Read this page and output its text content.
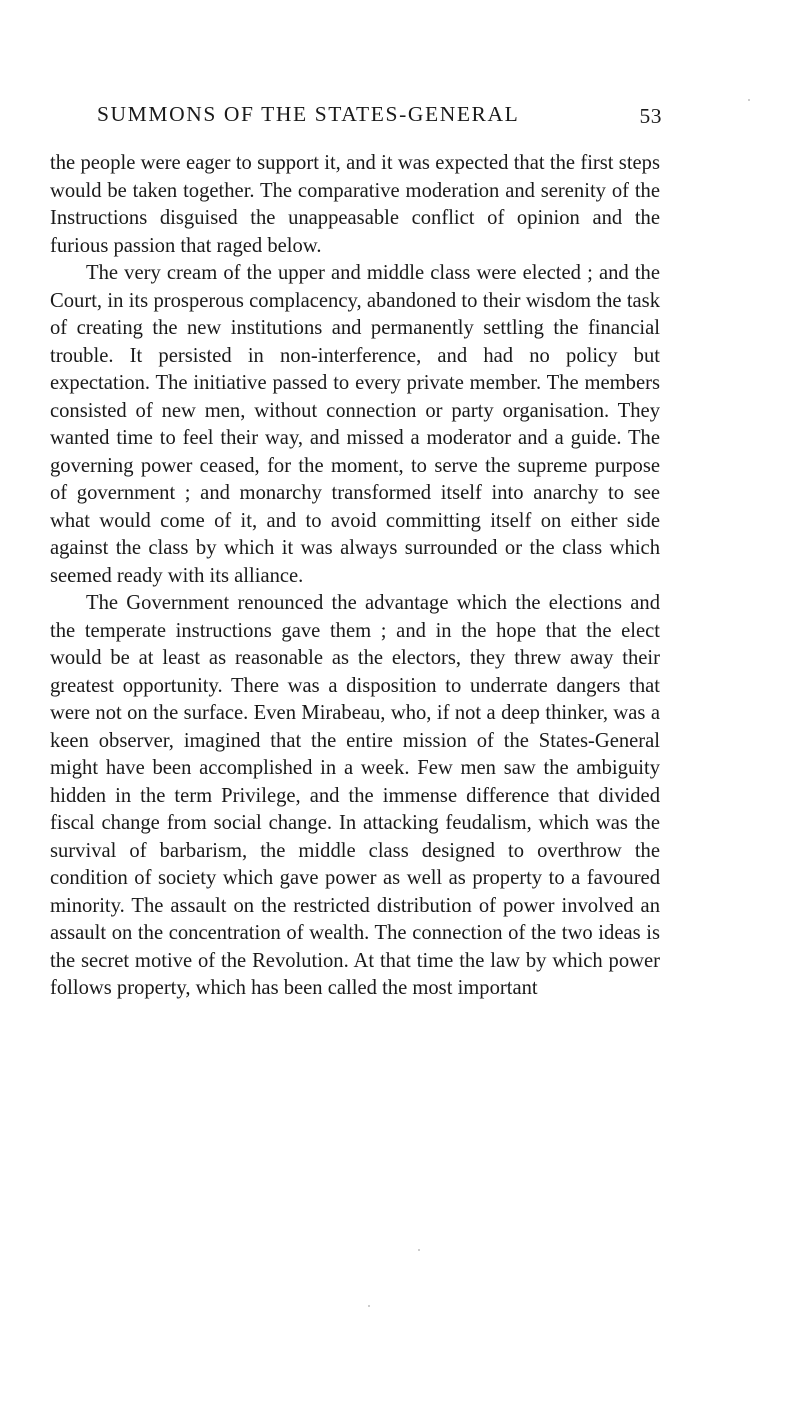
SUMMONS OF THE STATES-GENERAL	53

the people were eager to support it, and it was expected that the first steps would be taken together. The comparative moderation and serenity of the Instructions disguised the unappeasable conflict of opinion and the furious passion that raged below.

The very cream of the upper and middle class were elected ; and the Court, in its prosperous complacency, abandoned to their wisdom the task of creating the new institutions and permanently settling the financial trouble. It persisted in non-interference, and had no policy but expectation. The initiative passed to every private member. The members consisted of new men, without connection or party organisation. They wanted time to feel their way, and missed a moderator and a guide. The governing power ceased, for the moment, to serve the supreme purpose of government ; and monarchy transformed itself into anarchy to see what would come of it, and to avoid committing itself on either side against the class by which it was always surrounded or the class which seemed ready with its alliance.

The Government renounced the advantage which the elections and the temperate instructions gave them ; and in the hope that the elect would be at least as reasonable as the electors, they threw away their greatest opportunity. There was a disposition to underrate dangers that were not on the surface. Even Mirabeau, who, if not a deep thinker, was a keen observer, imagined that the entire mission of the States-General might have been accomplished in a week. Few men saw the ambiguity hidden in the term Privilege, and the immense difference that divided fiscal change from social change. In attacking feudalism, which was the survival of barbarism, the middle class designed to overthrow the condition of society which gave power as well as property to a favoured minority. The assault on the restricted distribution of power involved an assault on the concentration of wealth. The connection of the two ideas is the secret motive of the Revolution. At that time the law by which power follows property, which has been called the most important
